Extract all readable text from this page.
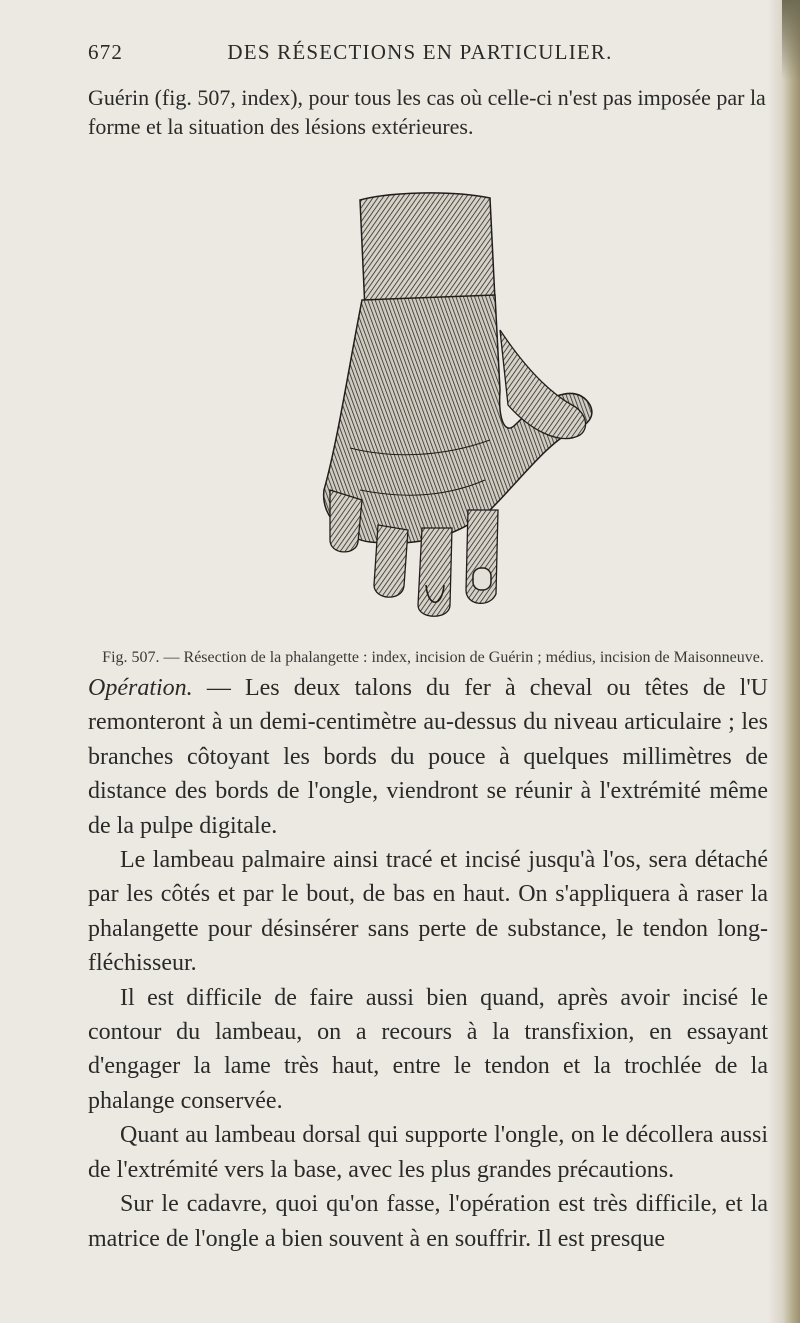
672	DES RÉSECTIONS EN PARTICULIER.

Guérin (fig. 507, index), pour tous les cas où celle-ci n'est pas imposée par la forme et la situation des lésions extérieures.

Fig. 507. — Résection de la phalangette : index, incision de Guérin ; médius, incision de Maisonneuve.

Opération. — Les deux talons du fer à cheval ou têtes de l'U remonteront à un demi-centimètre au-dessus du niveau articulaire ; les branches côtoyant les bords du pouce à quelques millimètres de distance des bords de l'ongle, viendront se réunir à l'extrémité même de la pulpe digitale.

Le lambeau palmaire ainsi tracé et incisé jusqu'à l'os, sera détaché par les côtés et par le bout, de bas en haut. On s'appliquera à raser la phalangette pour désinsérer sans perte de substance, le tendon long-fléchisseur.

Il est difficile de faire aussi bien quand, après avoir incisé le contour du lambeau, on a recours à la transfixion, en essayant d'engager la lame très haut, entre le tendon et la trochlée de la phalange conservée.

Quant au lambeau dorsal qui supporte l'ongle, on le décollera aussi de l'extrémité vers la base, avec les plus grandes précautions.

Sur le cadavre, quoi qu'on fasse, l'opération est très difficile, et la matrice de l'ongle a bien souvent à en souffrir. Il est presque
